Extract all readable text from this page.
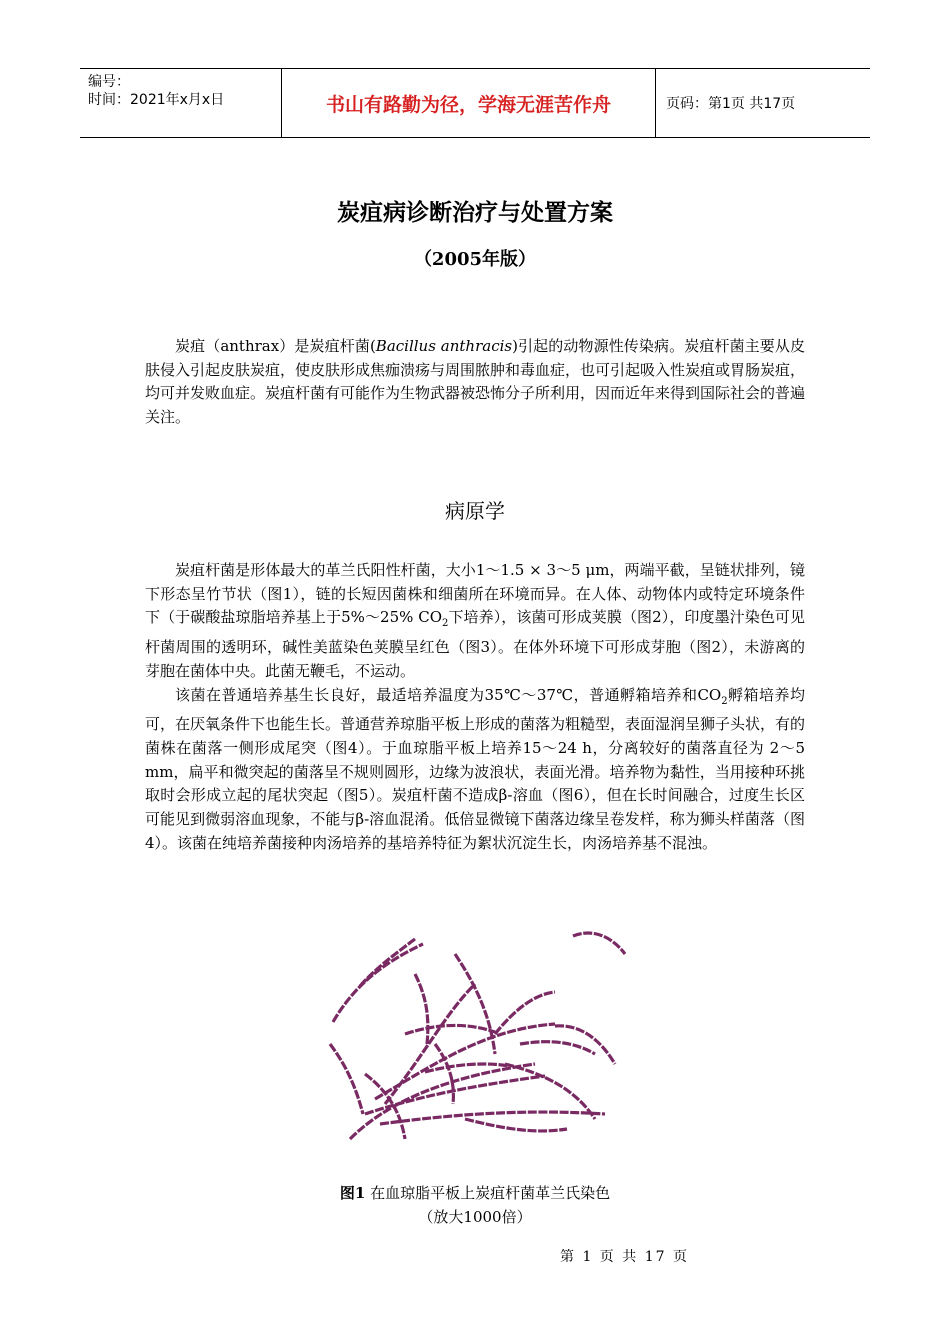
编号：
时间：2021年x月x日	书山有路勤为径，学海无涯苦作舟	页码：第1页 共17页
炭疽病诊断治疗与处置方案
（2005年版）

炭疽（anthrax）是炭疽杆菌(Bacillus anthracis)引起的动物源性传染病。炭疽杆菌主要从皮肤侵入引起皮肤炭疽，使皮肤形成焦痂溃疡与周围脓肿和毒血症，也可引起吸入性炭疽或胃肠炭疽，均可并发败血症。炭疽杆菌有可能作为生物武器被恐怖分子所利用，因而近年来得到国际社会的普遍关注。

病原学

炭疽杆菌是形体最大的革兰氏阳性杆菌，大小1～1.5 × 3～5 μm，两端平截，呈链状排列，镜下形态呈竹节状（图1），链的长短因菌株和细菌所在环境而异。在人体、动物体内或特定环境条件下（于碳酸盐琼脂培养基上于5%～25% $CO_2$下培养），该菌可形成荚膜（图2），印度墨汁染色可见杆菌周围的透明环，碱性美蓝染色荚膜呈红色（图3）。在体外环境下可形成芽胞（图2），未游离的芽胞在菌体中央。此菌无鞭毛，不运动。

该菌在普通培养基生长良好，最适培养温度为35℃～37℃，普通孵箱培养和$CO_2$孵箱培养均可，在厌氧条件下也能生长。普通营养琼脂平板上形成的菌落为粗糙型，表面湿润呈狮子头状，有的菌株在菌落一侧形成尾突（图4）。于血琼脂平板上培养15～24 h，分离较好的菌落直径为 2～5 mm，扁平和微突起的菌落呈不规则圆形，边缘为波浪状，表面光滑。培养物为黏性，当用接种环挑取时会形成立起的尾状突起（图5）。炭疽杆菌不造成β-溶血（图6），但在长时间融合，过度生长区可能见到微弱溶血现象，不能与β-溶血混淆。低倍显微镜下菌落边缘呈卷发样，称为狮头样菌落（图4）。该菌在纯培养菌接种肉汤培养的基培养特征为絮状沉淀生长，肉汤培养基不混浊。

图1 在血琼脂平板上炭疽杆菌革兰氏染色
（放大1000倍）
第 1 页 共 17 页
